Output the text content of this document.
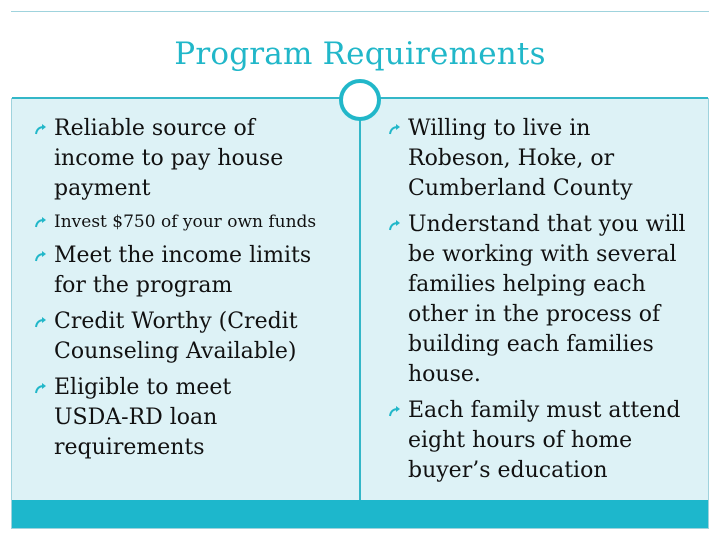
Program Requirements
Reliable source of
income to pay house
payment
Invest $750 of your own funds
Meet the income limits
for the program
Credit Worthy (Credit
Counseling Available)
Eligible to meet
USDA-RD loan
requirements
Willing to live in
Robeson, Hoke, or
Cumberland County
Understand that you will
be working with several
families helping each
other in the process of
building each families
house.
Each family must attend
eight hours of home
buyer’s education
